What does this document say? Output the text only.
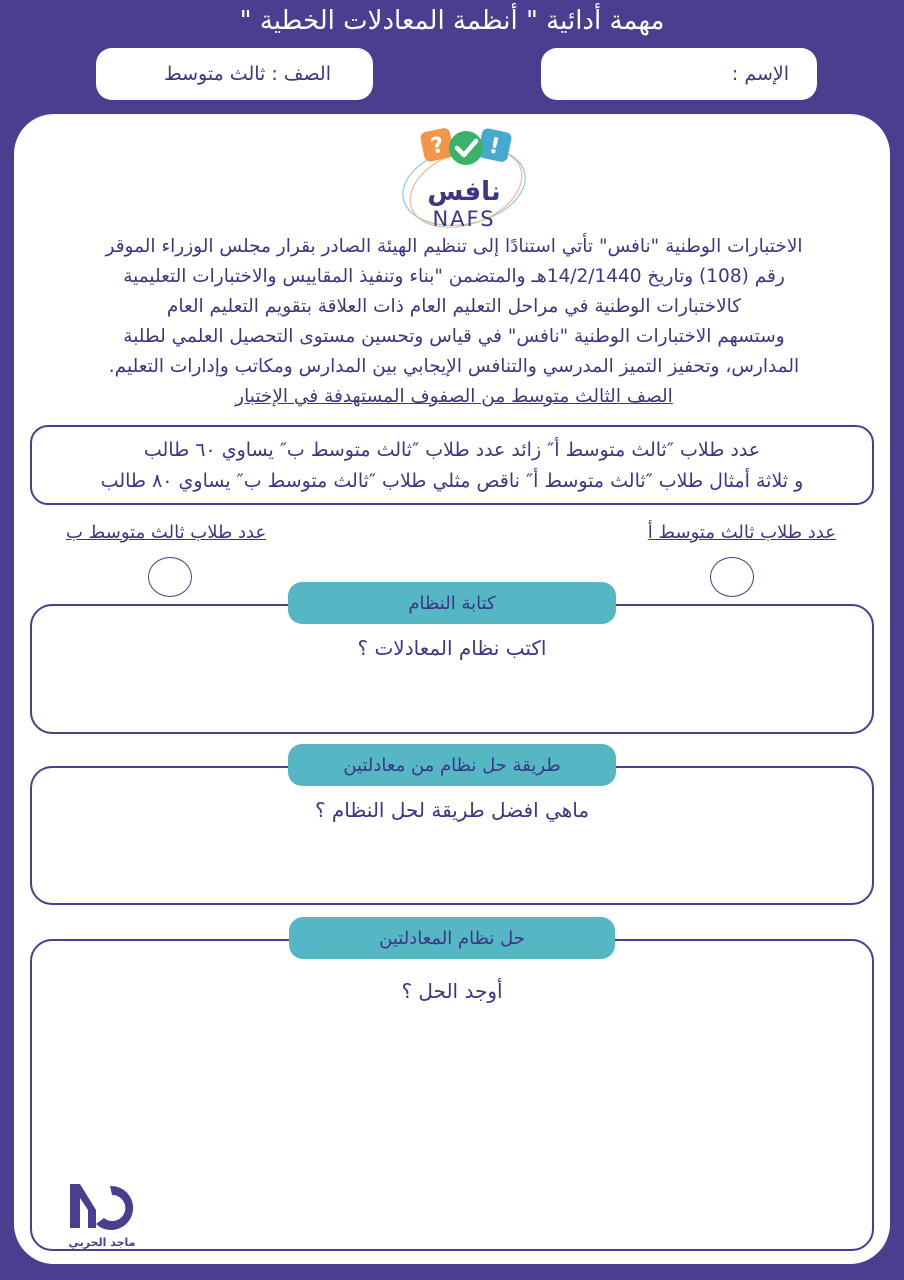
مهمة أدائية " أنظمة المعادلات الخطية "
الإسم :
الصف : ثالث متوسط
? !
نافس
NAFS
الاختبارات الوطنية "نافس" تأتي استنادًا إلى تنظيم الهيئة الصادر بقرار مجلس الوزراء الموقر
رقم (108) وتاريخ 14/2/1440هـ والمتضمن "بناء وتنفيذ المقاييس والاختبارات التعليمية
كالاختبارات الوطنية في مراحل التعليم العام ذات العلاقة بتقويم التعليم العام
وستسهم الاختبارات الوطنية "نافس" في قياس وتحسين مستوى التحصيل العلمي لطلبة
المدارس، وتحفيز التميز المدرسي والتنافس الإيجابي بين المدارس ومكاتب وإدارات التعليم.
الصف الثالث متوسط من الصفوف المستهدفة في الإختبار
عدد طلاب ″ثالث متوسط أ″ زائد عدد طلاب ″ثالث متوسط ب″ يساوي ٦٠ طالب
و ثلاثة أمثال طلاب ″ثالث متوسط أ″ ناقص مثلي طلاب ″ثالث متوسط ب″ يساوي ٨٠ طالب
عدد طلاب ثالث متوسط أ
عدد طلاب ثالث متوسط ب
كتابة النظام
اكتب نظام المعادلات ؟
طريقة حل نظام من معادلتين
ماهي افضل طريقة لحل النظام ؟
حل نظام المعادلتين
أوجد الحل ؟
ماجد الحربي
